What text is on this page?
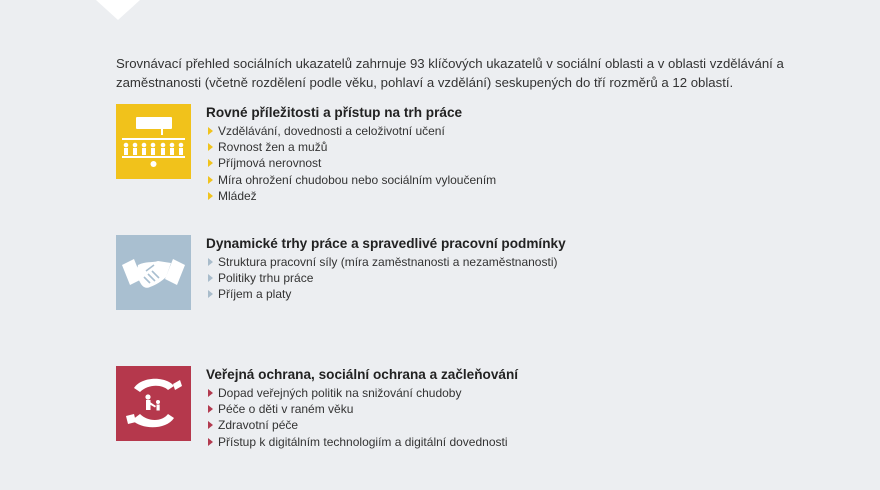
Srovnávací přehled sociálních ukazatelů zahrnuje 93 klíčových ukazatelů v sociální oblasti a v oblasti vzdělávání a zaměstnanosti (včetně rozdělení podle věku, pohlaví a vzdělání) seskupených do tří rozměrů a 12 oblastí.

Rovné příležitosti a přístup na trh práce
Vzdělávání, dovednosti a celoživotní učení
Rovnost žen a mužů
Příjmová nerovnost
Míra ohrožení chudobou nebo sociálním vyloučením
Mládež
Dynamické trhy práce a spravedlivé pracovní podmínky
Struktura pracovní síly (míra zaměstnanosti a nezaměstnanosti)
Politiky trhu práce
Příjem a platy
Veřejná ochrana, sociální ochrana a začleňování
Dopad veřejných politik na snižování chudoby
Péče o děti v raném věku
Zdravotní péče
Přístup k digitálním technologiím a digitální dovednosti
